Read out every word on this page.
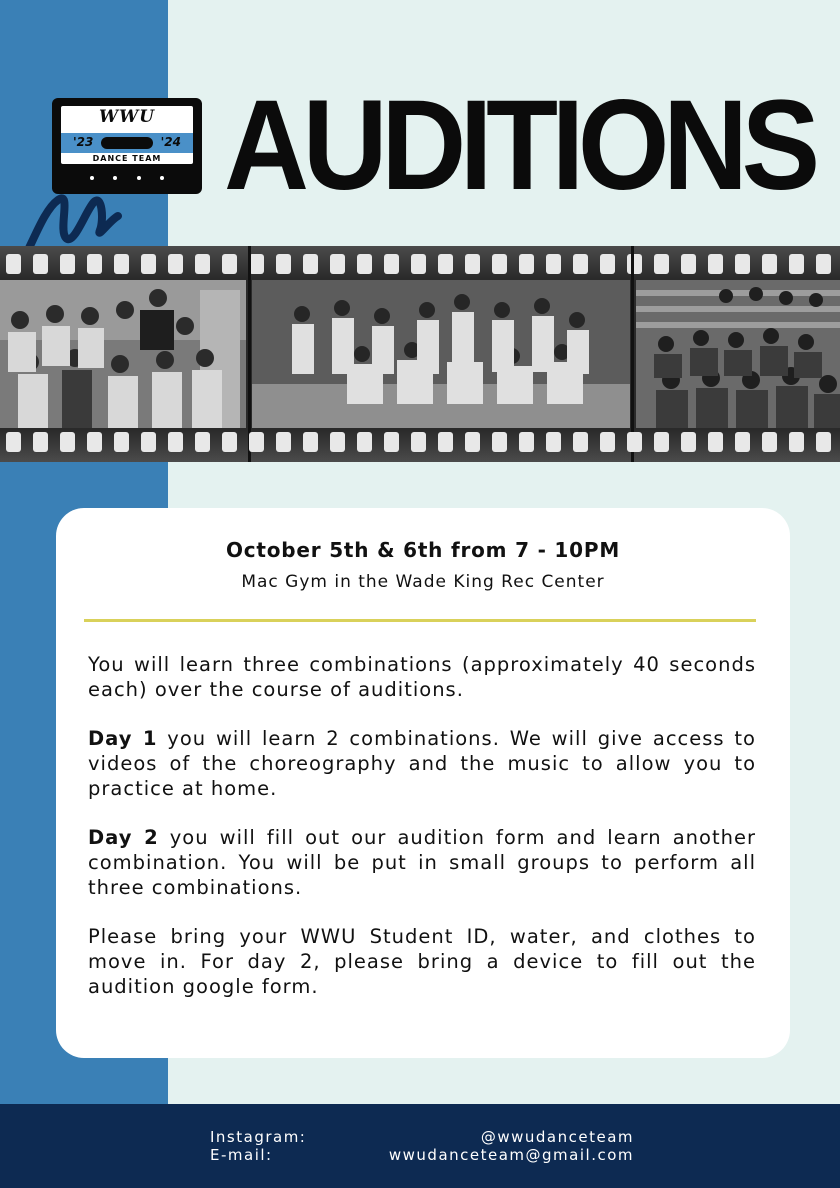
WWU
'23	'24
DANCE TEAM AUDITIONS
October 5th & 6th from 7 - 10PM
Mac Gym in the Wade King Rec Center

You will learn three combinations (approximately 40 seconds each) over the course of auditions.

Day 1 you will learn 2 combinations. We will give access to videos of the choreography and the music to allow you to practice at home.

Day 2 you will fill out our audition form and learn another combination. You will be put in small groups to perform all three combinations.

Please bring your WWU Student ID, water, and clothes to move in. For day 2, please bring a device to fill out the audition google form.

Instagram:	@wwudanceteam
E-mail:	wwudanceteam@gmail.com
